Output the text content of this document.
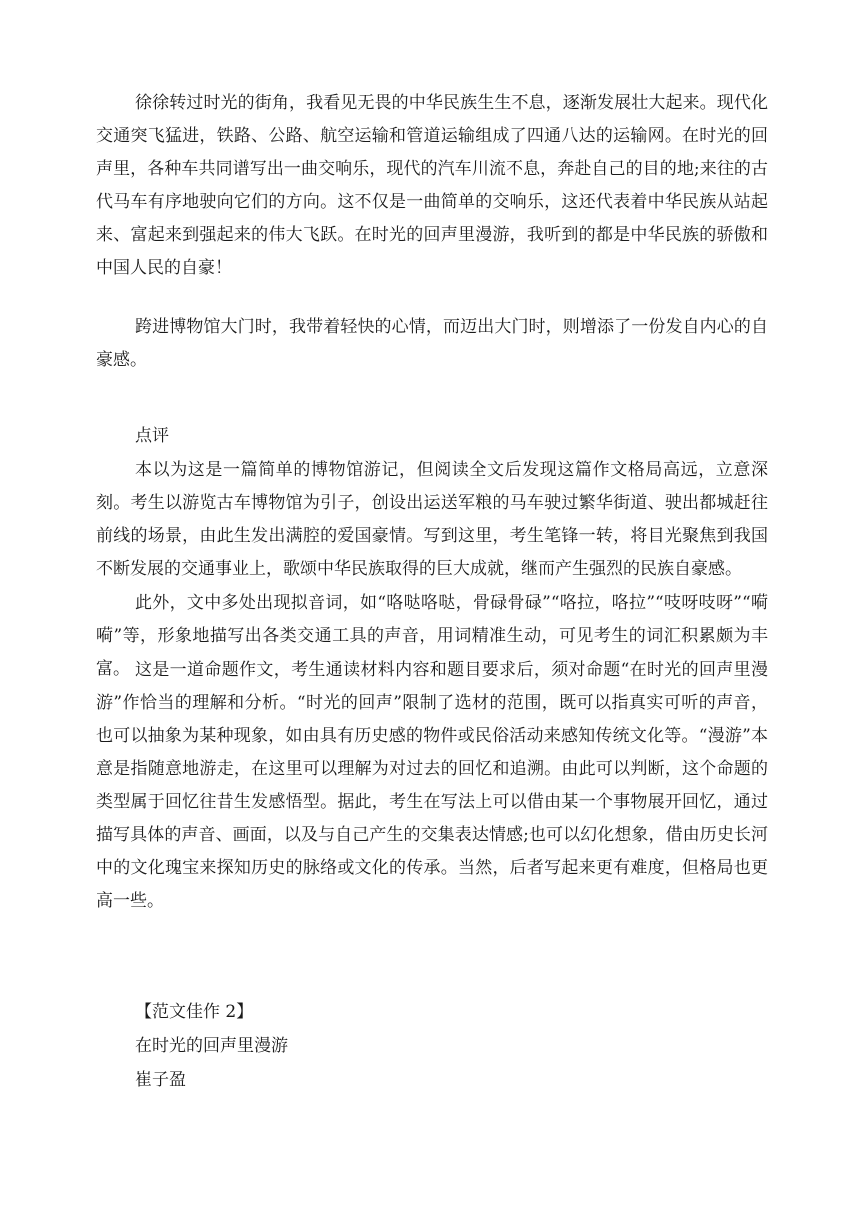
徐徐转过时光的街角，我看见无畏的中华民族生生不息，逐渐发展壮大起来。现代化交通突飞猛进，铁路、公路、航空运输和管道运输组成了四通八达的运输网。在时光的回声里，各种车共同谱写出一曲交响乐，现代的汽车川流不息，奔赴自己的目的地;来往的古代马车有序地驶向它们的方向。这不仅是一曲简单的交响乐，这还代表着中华民族从站起来、富起来到强起来的伟大飞跃。在时光的回声里漫游，我听到的都是中华民族的骄傲和中国人民的自豪！

跨进博物馆大门时，我带着轻快的心情，而迈出大门时，则增添了一份发自内心的自豪感。

点评

本以为这是一篇简单的博物馆游记，但阅读全文后发现这篇作文格局高远，立意深刻。考生以游览古车博物馆为引子，创设出运送军粮的马车驶过繁华街道、驶出都城赶往前线的场景，由此生发出满腔的爱国豪情。写到这里，考生笔锋一转，将目光聚焦到我国不断发展的交通事业上，歌颂中华民族取得的巨大成就，继而产生强烈的民族自豪感。

此外，文中多处出现拟音词，如“咯哒咯哒，骨碌骨碌”“咯拉，咯拉”“吱呀吱呀”“嗬嗬”等，形象地描写出各类交通工具的声音，用词精准生动，可见考生的词汇积累颇为丰富。 这是一道命题作文，考生通读材料内容和题目要求后，须对命题“在时光的回声里漫游”作恰当的理解和分析。“时光的回声”限制了选材的范围，既可以指真实可听的声音，也可以抽象为某种现象，如由具有历史感的物件或民俗活动来感知传统文化等。“漫游”本意是指随意地游走，在这里可以理解为对过去的回忆和追溯。由此可以判断，这个命题的类型属于回忆往昔生发感悟型。据此，考生在写法上可以借由某一个事物展开回忆，通过描写具体的声音、画面，以及与自己产生的交集表达情感;也可以幻化想象，借由历史长河中的文化瑰宝来探知历史的脉络或文化的传承。当然，后者写起来更有难度，但格局也更高一些。

【范文佳作 2】

在时光的回声里漫游

崔子盈
